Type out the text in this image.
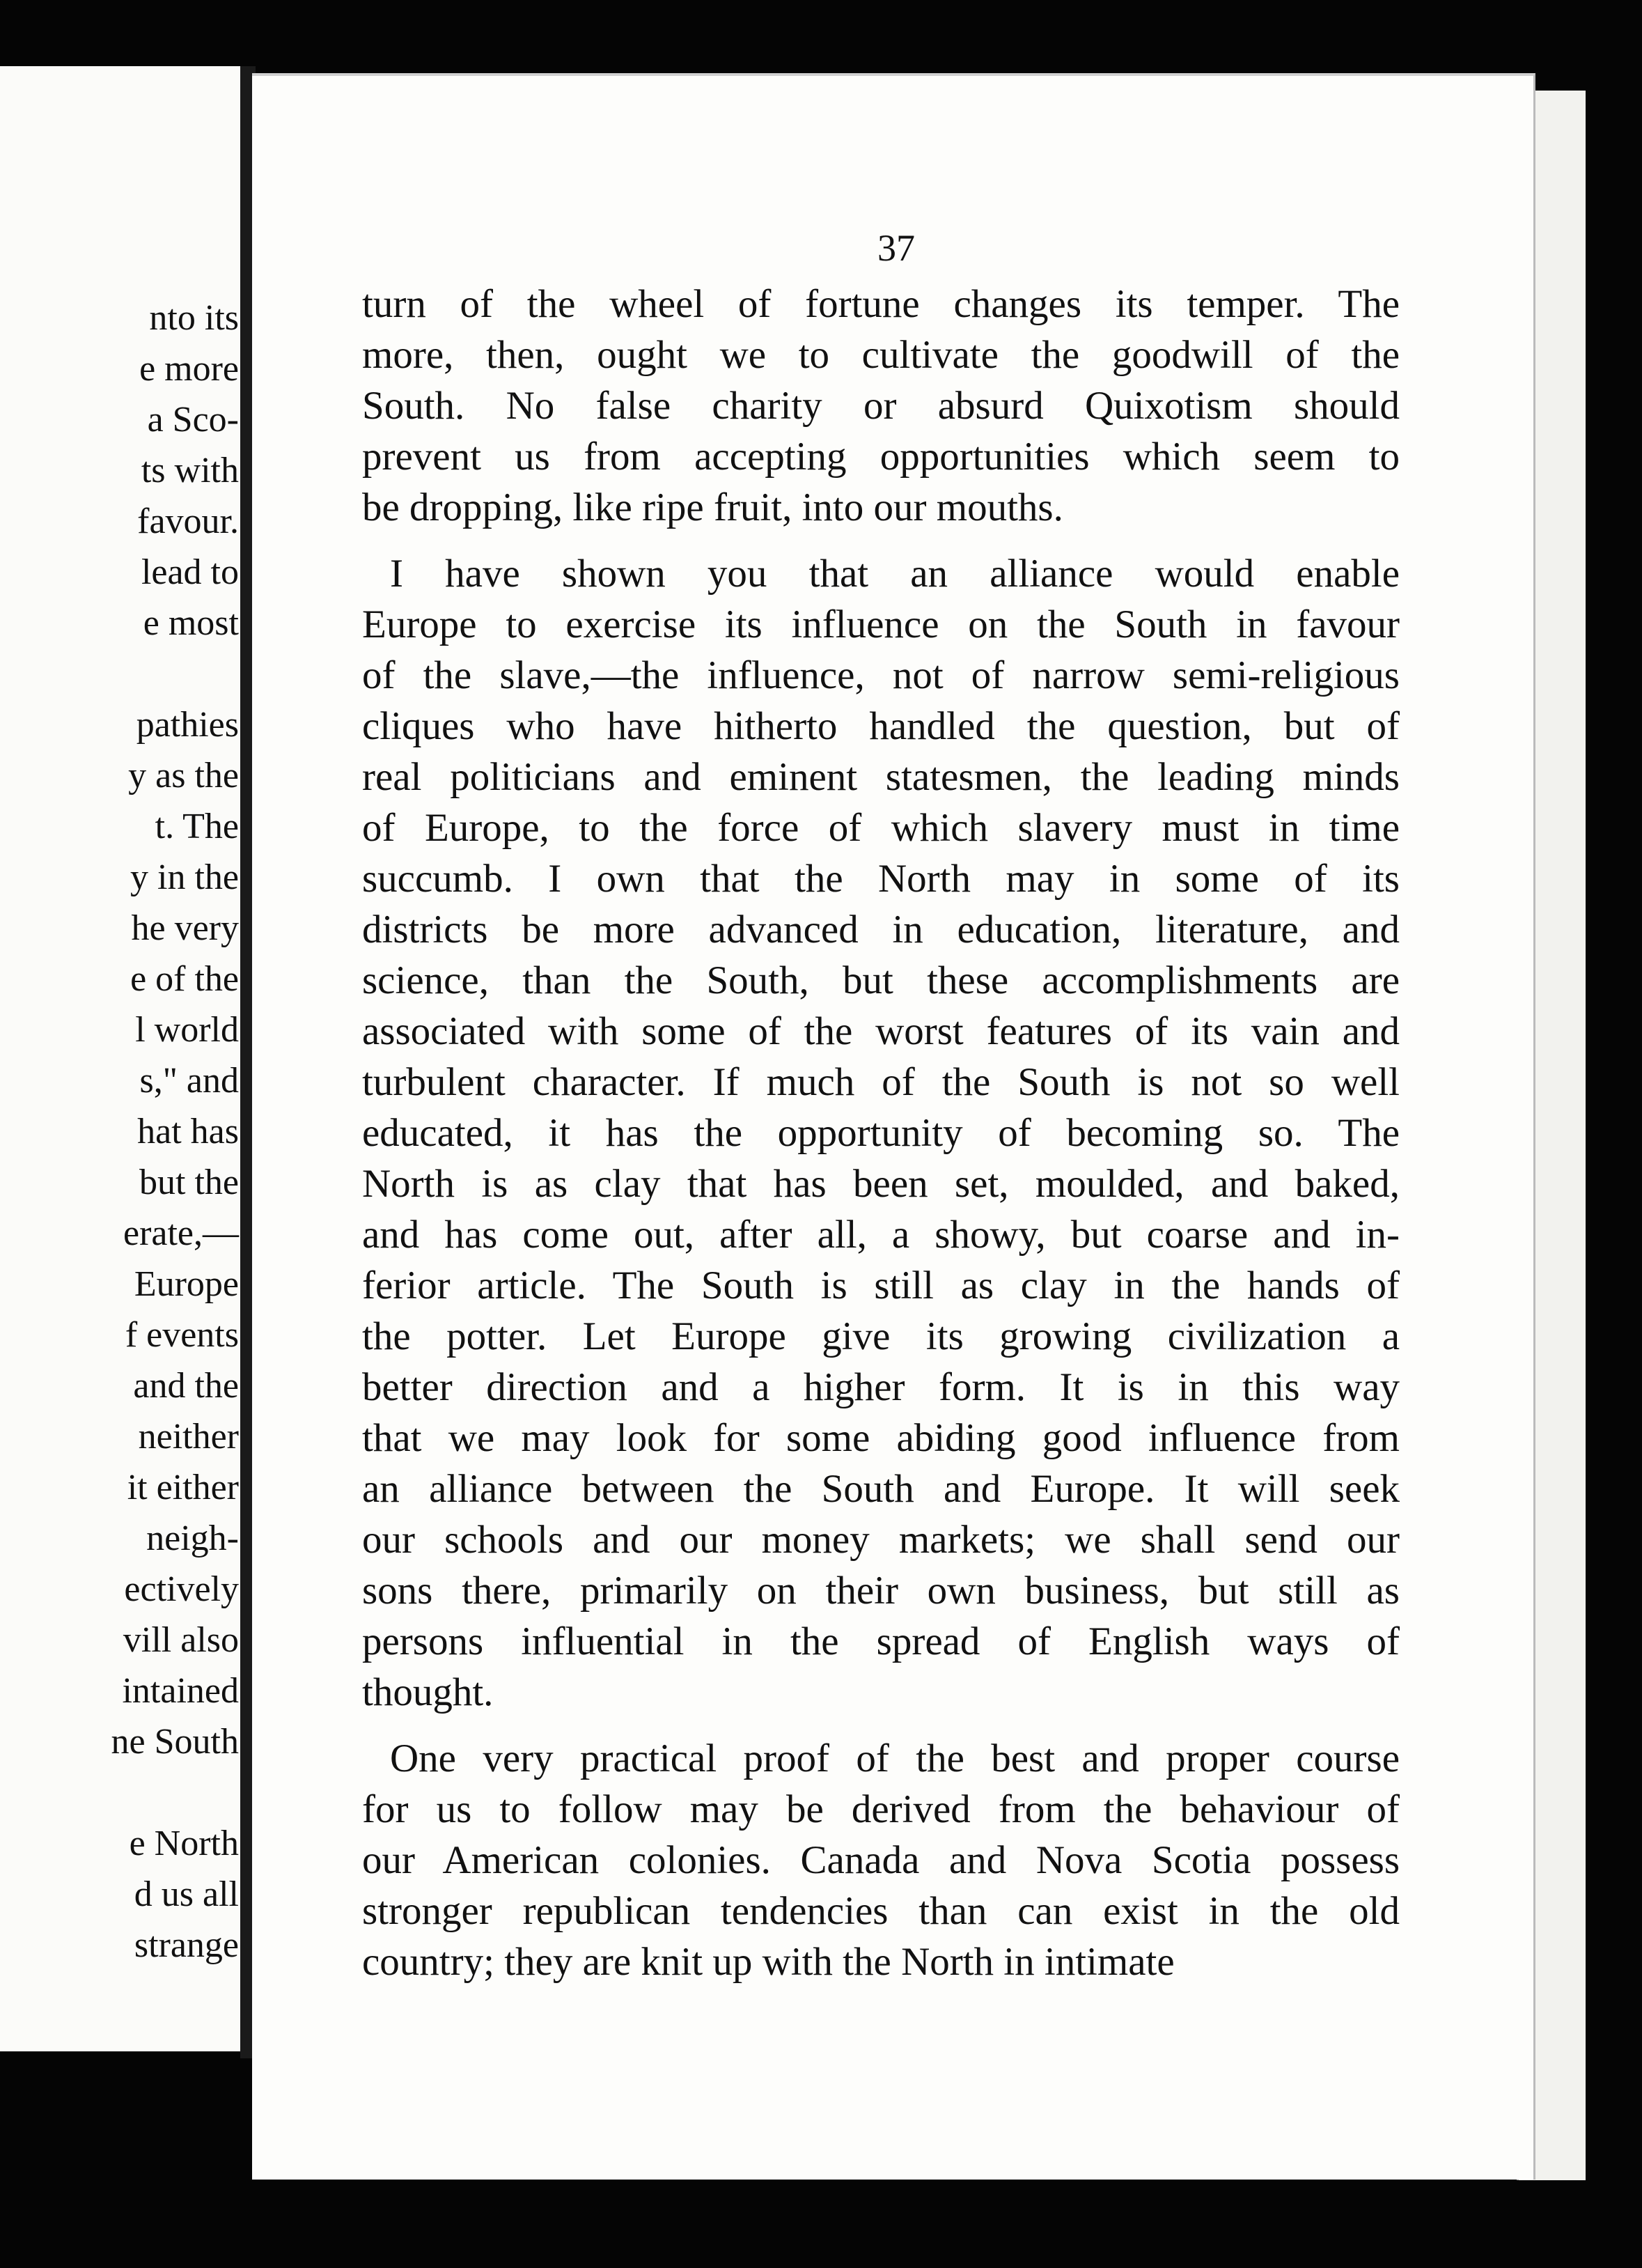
nto its
e more
a Sco-
ts with
favour.
lead to
e most
pathies
y as the
t. The
y in the
he very
e of the
l world
s," and
hat has
but the
erate,—
Europe
f events
and the
neither
it either
neigh-
ectively
vill also
intained
ne South
e North
d us all
strange
37

turn of the wheel of fortune changes its temper. The

more, then, ought we to cultivate the goodwill of the

South. No false charity or absurd Quixotism should

prevent us from accepting opportunities which seem to

be dropping, like ripe fruit, into our mouths.

I have shown you that an alliance would enable

Europe to exercise its influence on the South in favour

of the slave,—the influence, not of narrow semi-religious

cliques who have hitherto handled the question, but of

real politicians and eminent statesmen, the leading minds

of Europe, to the force of which slavery must in time

succumb. I own that the North may in some of its

districts be more advanced in education, literature, and

science, than the South, but these accomplishments are

associated with some of the worst features of its vain and

turbulent character. If much of the South is not so well

educated, it has the opportunity of becoming so. The

North is as clay that has been set, moulded, and baked,

and has come out, after all, a showy, but coarse and in-

ferior article. The South is still as clay in the hands of

the potter. Let Europe give its growing civilization a

better direction and a higher form. It is in this way

that we may look for some abiding good influence from

an alliance between the South and Europe. It will seek

our schools and our money markets; we shall send our

sons there, primarily on their own business, but still as

persons influential in the spread of English ways of

thought.

One very practical proof of the best and proper course

for us to follow may be derived from the behaviour of

our American colonies. Canada and Nova Scotia possess

stronger republican tendencies than can exist in the old

country; they are knit up with the North in intimate
